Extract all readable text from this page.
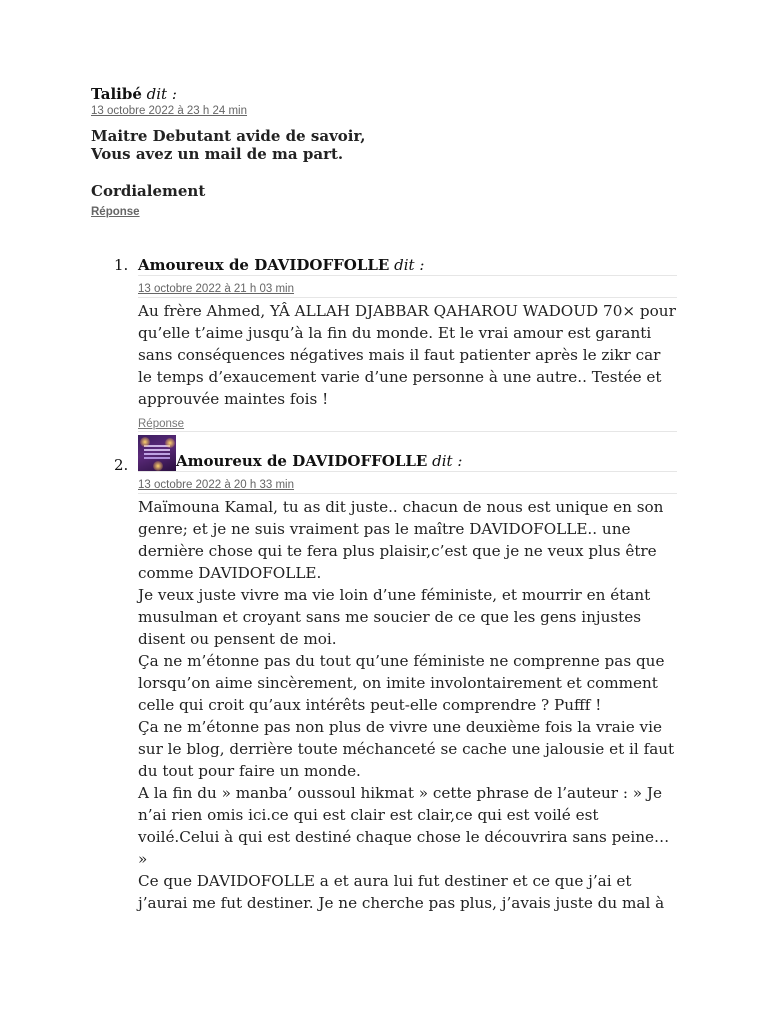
Talibé dit :
13 octobre 2022 à 23 h 24 min

Maitre Debutant avide de savoir,

Vous avez un mail de ma part.

Cordialement

Réponse
1. Amoureux de DAVIDOFFOLLE dit :
13 octobre 2022 à 21 h 03 min

Au frère Ahmed, YÂ ALLAH DJABBAR QAHAROU WADOUD 70× pour qu’elle t’aime jusqu’à la fin du monde. Et le vrai amour est garanti sans conséquences négatives mais il faut patienter après le zikr car le temps d’exaucement varie d’une personne à une autre.. Testée et approuvée maintes fois !

Réponse
2.	Amoureux de DAVIDOFFOLLE dit :
13 octobre 2022 à 20 h 33 min

Maïmouna Kamal, tu as dit juste.. chacun de nous est unique en son genre; et je ne suis vraiment pas le maître DAVIDOFOLLE.. une dernière chose qui te fera plus plaisir,c’est que je ne veux plus être comme DAVIDOFOLLE.

Je veux juste vivre ma vie loin d’une féministe, et mourrir en étant musulman et croyant sans me soucier de ce que les gens injustes disent ou pensent de moi.

Ça ne m’étonne pas du tout qu’une féministe ne comprenne pas que lorsqu’on aime sincèrement, on imite involontairement et comment celle qui croit qu’aux intérêts peut-elle comprendre ? Pufff !

Ça ne m’étonne pas non plus de vivre une deuxième fois la vraie vie sur le blog, derrière toute méchanceté se cache une jalousie et il faut du tout pour faire un monde.

A la fin du » manba’ oussoul hikmat » cette phrase de l’auteur : » Je n’ai rien omis ici.ce qui est clair est clair,ce qui est voilé est voilé.Celui à qui est destiné chaque chose le découvrira sans peine… »

Ce que DAVIDOFOLLE a et aura lui fut destiner et ce que j’ai et j’aurai me fut destiner. Je ne cherche pas plus, j’avais juste du mal à
